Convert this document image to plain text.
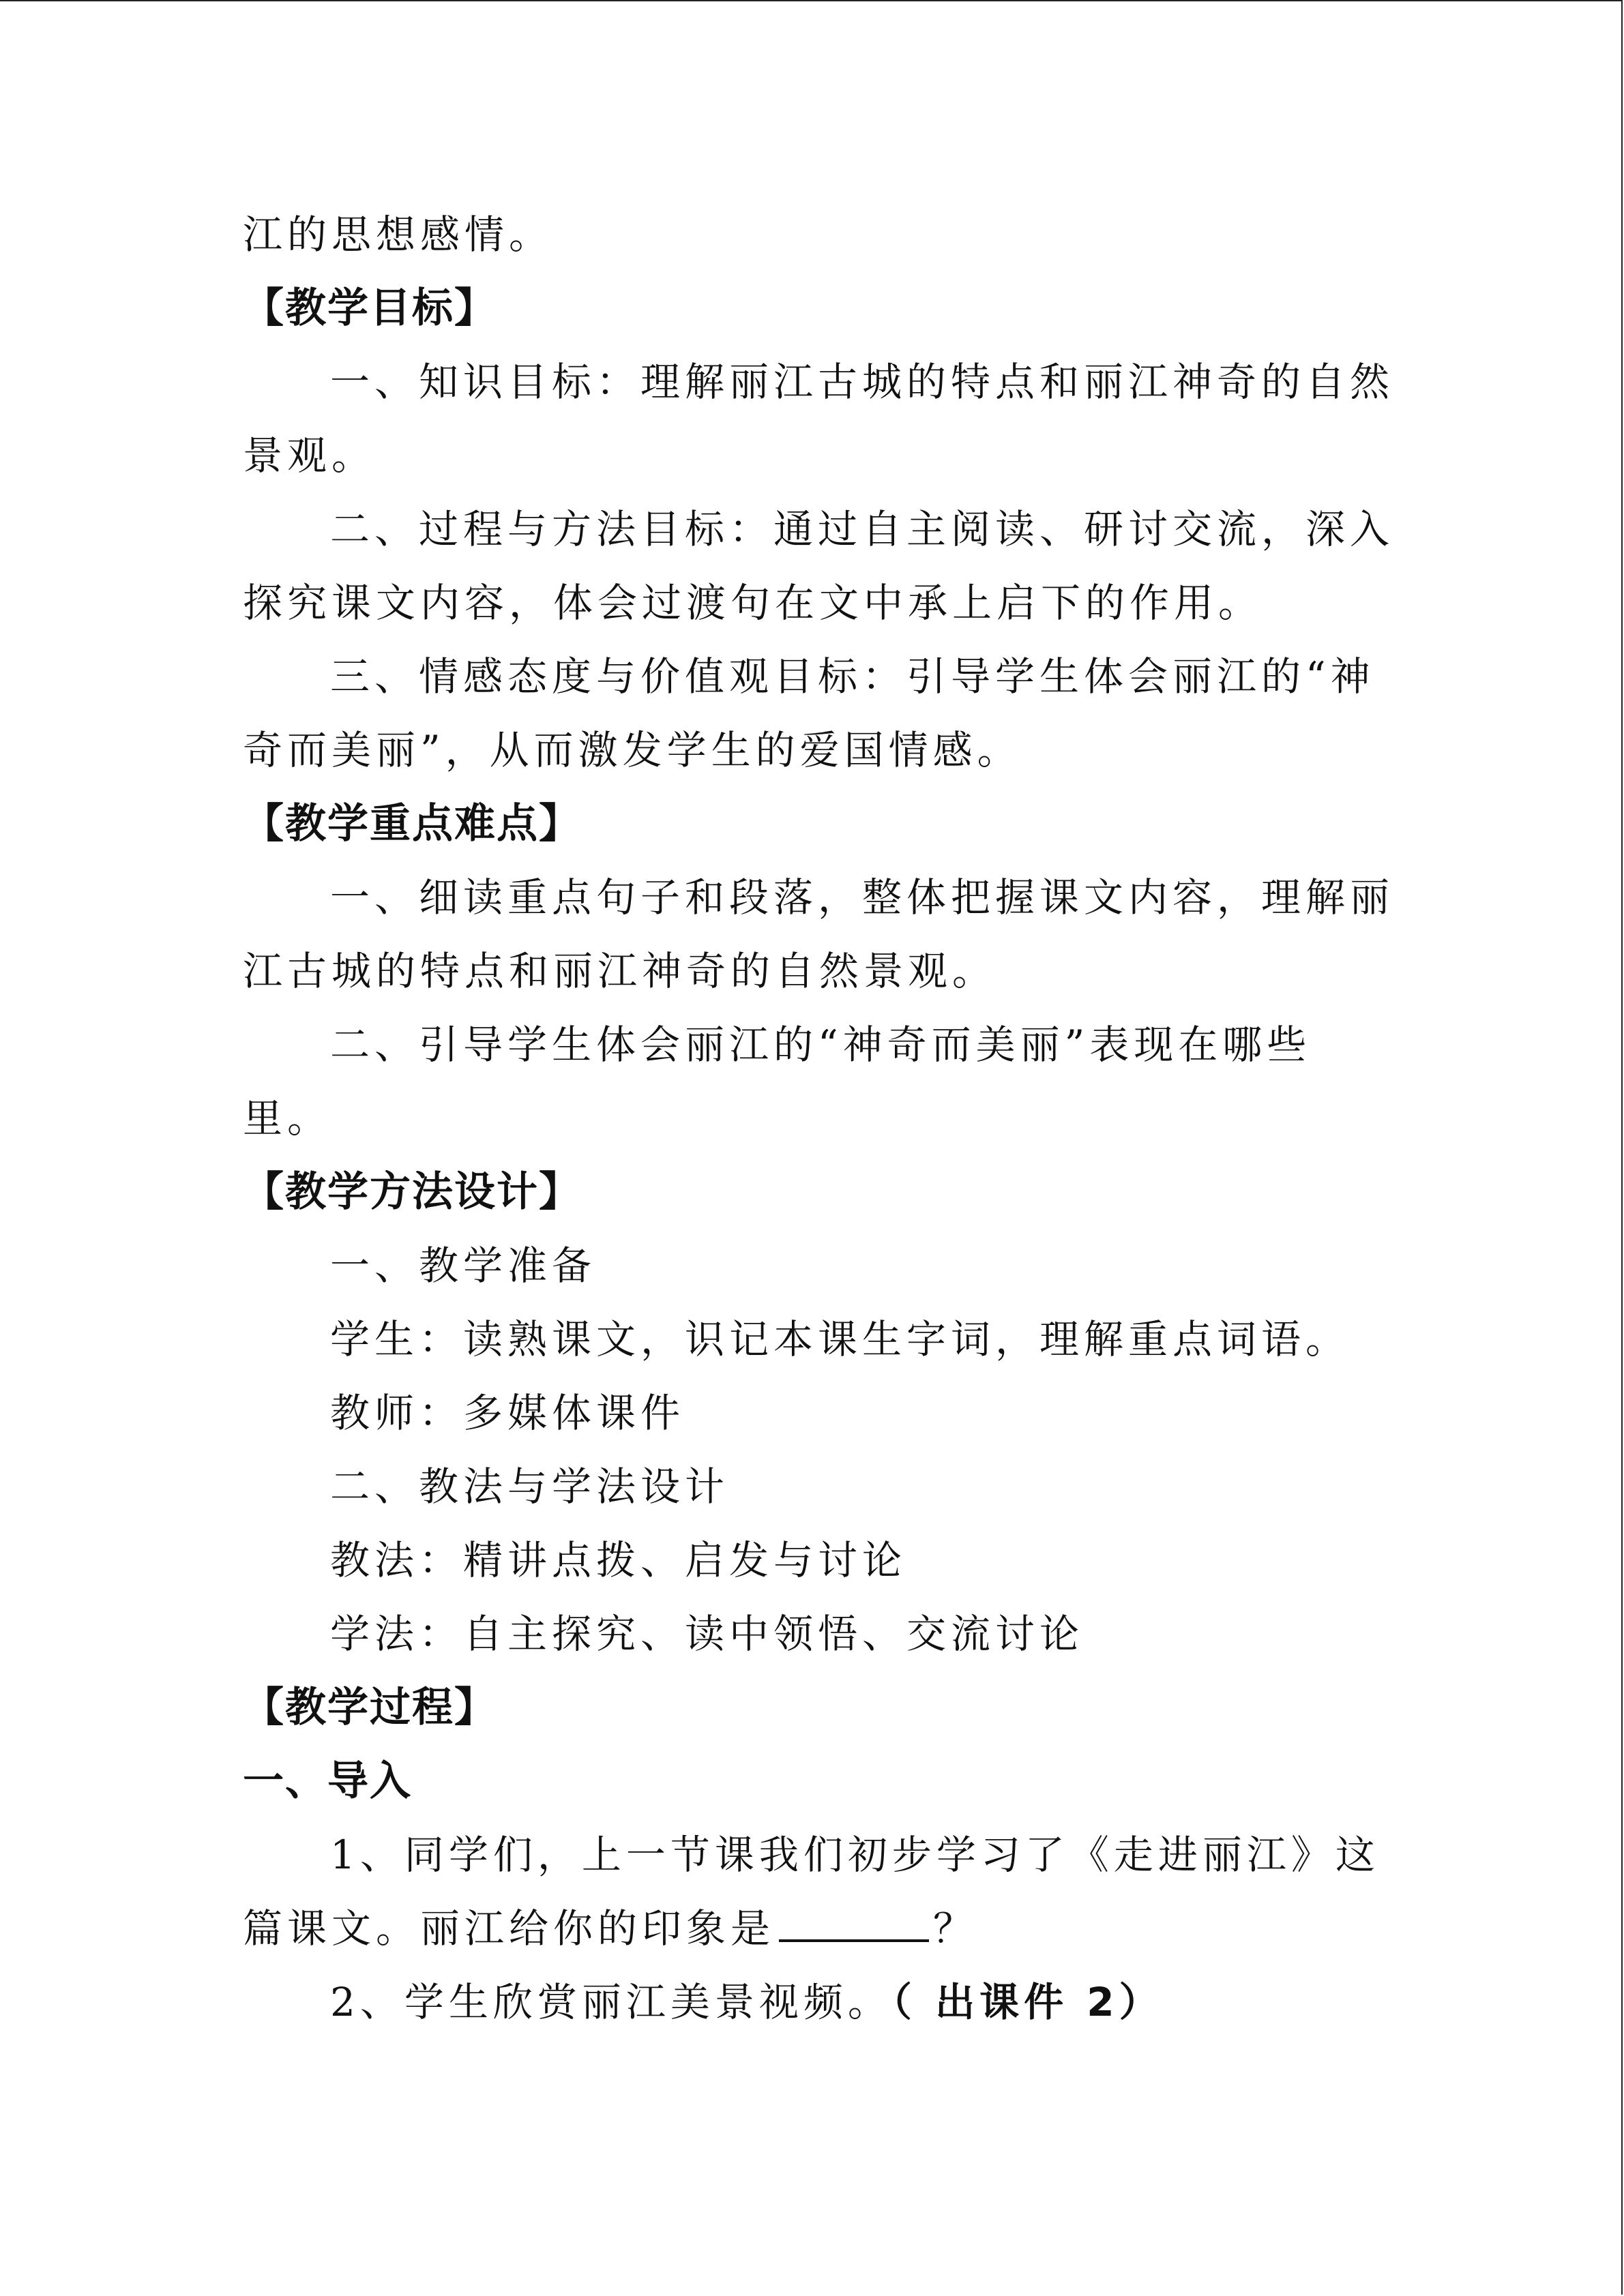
江的思想感情。
【教学目标】
一、知识目标：理解丽江古城的特点和丽江神奇的自然
景观。
二、过程与方法目标：通过自主阅读、研讨交流，深入
探究课文内容，体会过渡句在文中承上启下的作用。
三、情感态度与价值观目标：引导学生体会丽江的“神
奇而美丽”，从而激发学生的爱国情感。
【教学重点难点】
一、细读重点句子和段落，整体把握课文内容，理解丽
江古城的特点和丽江神奇的自然景观。
二、引导学生体会丽江的“神奇而美丽”表现在哪些
里。
【教学方法设计】
一、教学准备
学生：读熟课文，识记本课生字词，理解重点词语。
教师：多媒体课件
二、教法与学法设计
教法：精讲点拨、启发与讨论
学法：自主探究、读中领悟、交流讨论
【教学过程】
一、导入
1、同学们，上一节课我们初步学习了《走进丽江》这
篇课文。丽江给你的印象是	？
2、学生欣赏丽江美景视频。（ 出课件 2）
